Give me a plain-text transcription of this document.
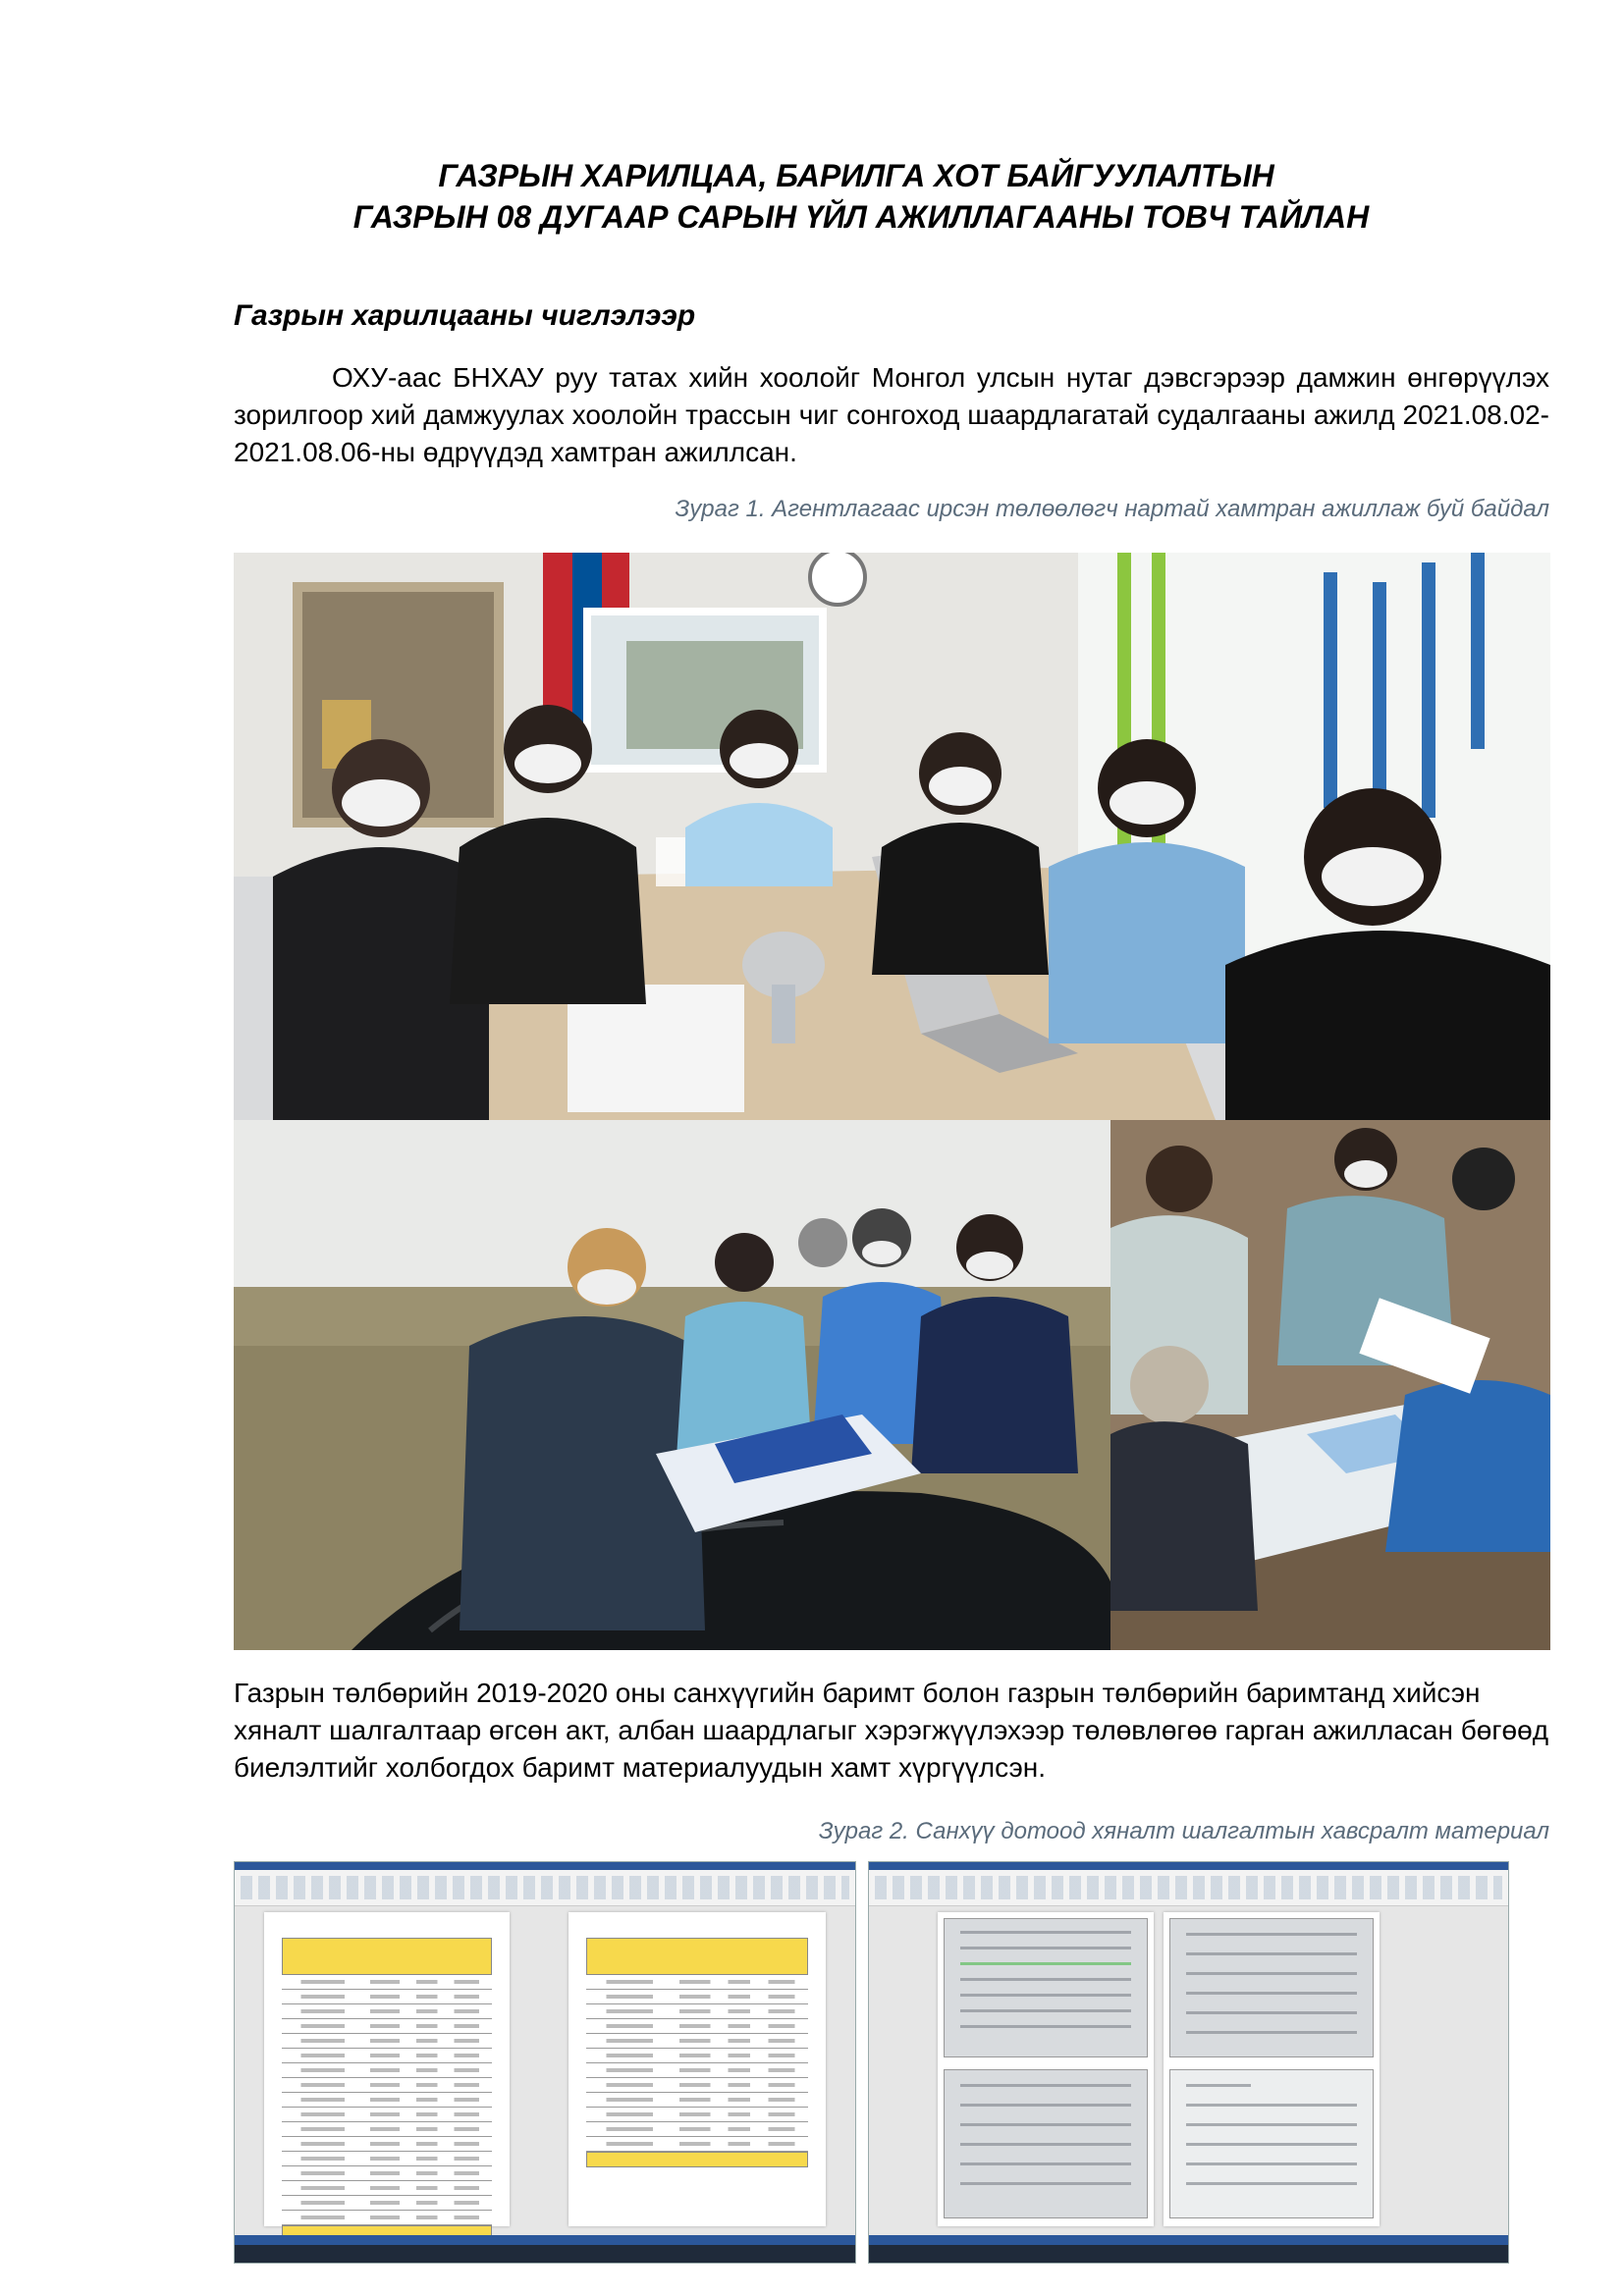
ГАЗРЫН ХАРИЛЦАА, БАРИЛГА ХОТ БАЙГУУЛАЛТЫН
ГАЗРЫН 08 ДУГААР САРЫН ҮЙЛ АЖИЛЛАГААНЫ ТОВЧ ТАЙЛАН
Газрын харилцааны чиглэлээр
ОХУ-аас БНХАУ руу татах хийн хоолойг Монгол улсын нутаг дэвсгэрээр дамжин өнгөрүүлэх зорилгоор хий дамжуулах хоолойн трассын чиг сонгоход шаардлагатай судалгааны ажилд 2021.08.02-2021.08.06-ны өдрүүдэд хамтран ажиллсан.
Зураг 1. Агентлагаас ирсэн төлөөлөгч нартай хамтран ажиллаж буй байдал
Газрын төлбөрийн 2019-2020 оны санхүүгийн баримт болон газрын төлбөрийн баримтанд хийсэн хяналт шалгалтаар өгсөн акт, албан шаардлагыг хэрэгжүүлэхээр төлөвлөгөө гарган ажилласан бөгөөд биелэлтийг холбогдох баримт материалуудын хамт хүргүүлсэн.
Зураг 2. Санхүү дотоод хяналт шалгалтын хавсралт материал
